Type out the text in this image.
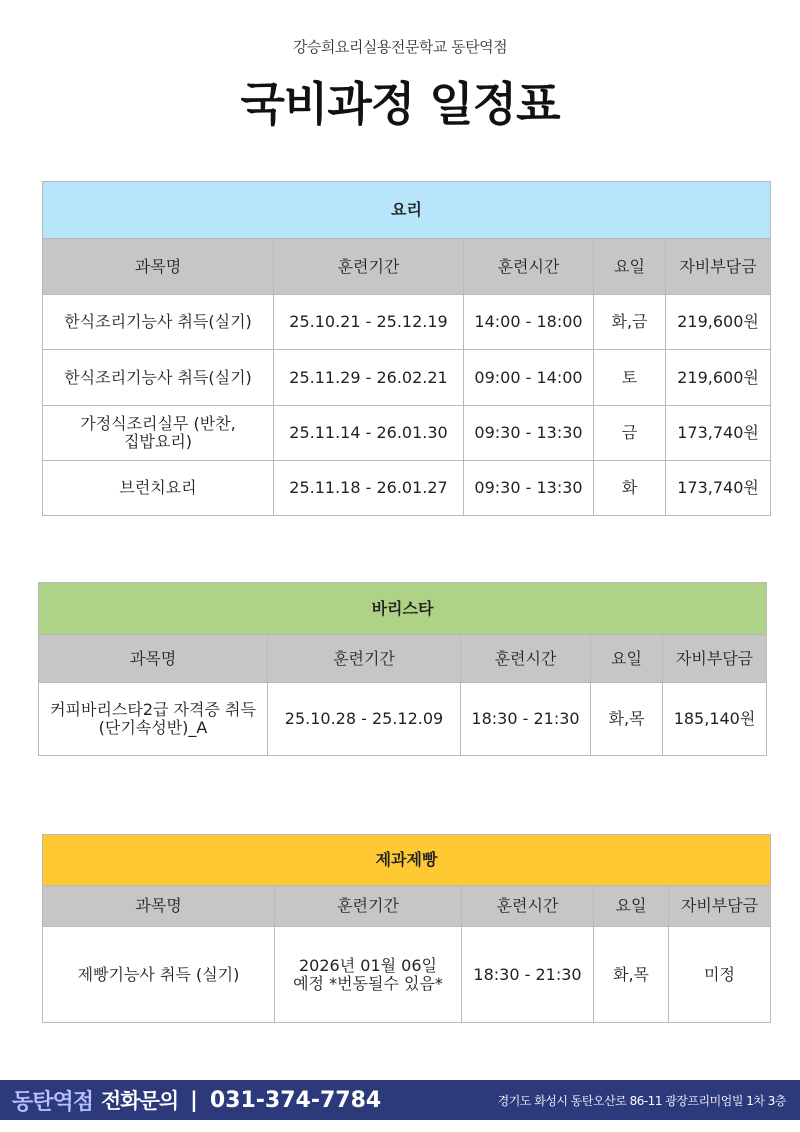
강승희요리실용전문학교 동탄역점
국비과정 일정표
요리				
과목명	훈련기간	훈련시간	요일	자비부담금
한식조리기능사 취득(실기)	25.10.21 - 25.12.19	14:00 - 18:00	화,금	219,600원
한식조리기능사 취득(실기)	25.11.29 - 26.02.21	09:00 - 14:00	토	219,600원
가정식조리실무 (반찬,집밥요리)	25.11.14 - 26.01.30	09:30 - 13:30	금	173,740원
브런치요리	25.11.18 - 26.01.27	09:30 - 13:30	화	173,740원
바리스타				
과목명	훈련기간	훈련시간	요일	자비부담금
커피바리스타2급 자격증 취득(단기속성반)_A	25.10.28 - 25.12.09	18:30 - 21:30	화,목	185,140원
제과제빵				
과목명	훈련기간	훈련시간	요일	자비부담금
제빵기능사 취득 (실기)	2026년 01월 06일 예정 *번동될수 있음*	18:30 - 21:30	화,목	미정
동탄역점 전화문의 | 031-374-7784	경기도 화성시 동탄오산로 86-11 광장프리미엄빌 1차 3층
